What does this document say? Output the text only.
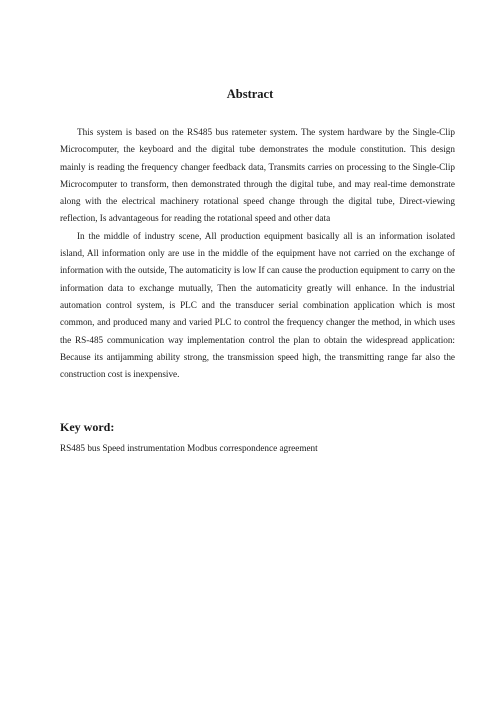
Abstract

This system is based on the RS485 bus ratemeter system. The system hardware by the Single-Clip Microcomputer, the keyboard and the digital tube demonstrates the module constitution. This design mainly is reading the frequency changer feedback data, Transmits carries on processing to the Single-Clip Microcomputer to transform, then demonstrated through the digital tube, and may real-time demonstrate along with the electrical machinery rotational speed change through the digital tube, Direct-viewing reflection, Is advantageous for reading the rotational speed and other data

In the middle of industry scene, All production equipment basically all is an information isolated island, All information only are use in the middle of the equipment have not carried on the exchange of information with the outside, The automaticity is low If can cause the production equipment to carry on the information data to exchange mutually, Then the automaticity greatly will enhance. In the industrial automation control system, is PLC and the transducer serial combination application which is most common, and produced many and varied PLC to control the frequency changer the method, in which uses the RS-485 communication way implementation control the plan to obtain the widespread application: Because its antijamming ability strong, the transmission speed high, the transmitting range far also the construction cost is inexpensive.

Key word:
RS485 bus Speed instrumentation Modbus correspondence agreement
